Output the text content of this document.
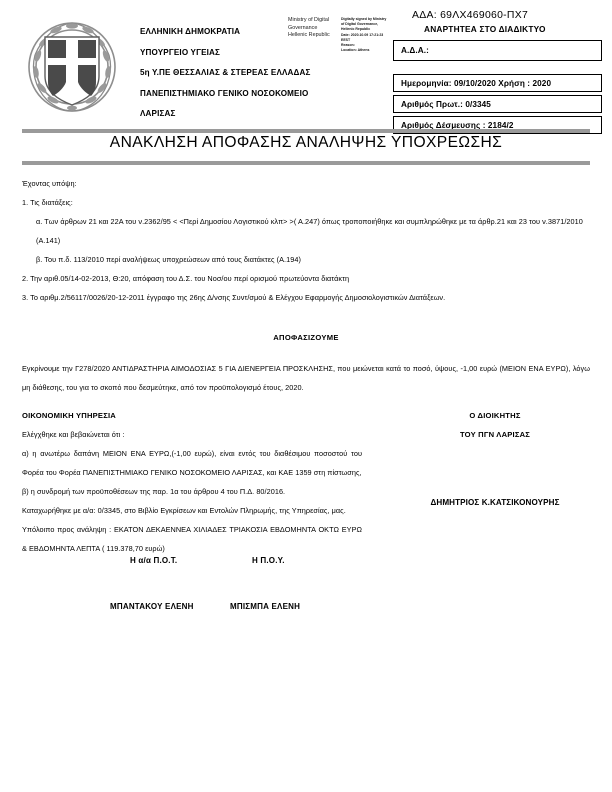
ΕΛΛΗΝΙΚΗ ΔΗΜΟΚΡΑΤΙΑ
ΥΠΟΥΡΓΕΙΟ ΥΓΕΙΑΣ
5η Υ.ΠΕ ΘΕΣΣΑΛΙΑΣ & ΣΤΕΡΕΑΣ ΕΛΛΑΔΑΣ
ΠΑΝΕΠΙΣΤΗΜΙΑΚΟ ΓΕΝΙΚΟ ΝΟΣΟΚΟΜΕΙΟ
ΛΑΡΙΣΑΣ
Ministry of Digital
Governance
Hellenic Republic
Digitally signed by Ministry
of Digital Governance,
Hellenic Republic
Date: 2020.10.09 17:21:23
EEST
Reason:
Location: Athens
ΑΔΑ: 69ΛΧ469060-ΠΧ7
ΑΝΑΡΤΗΤΕΑ ΣΤΟ ΔΙΑΔΙΚΤΥΟ
Α.Δ.Α.:
Ημερομηνία: 09/10/2020 Χρήση : 2020
Αριθμός Πρωτ.: 0/3345
Αριθμός Δέσμευσης : 2184/2
ΑΝΑΚΛΗΣΗ ΑΠΟΦΑΣΗΣ ΑΝΑΛΗΨΗΣ ΥΠΟΧΡΕΩΣΗΣ
Έχοντας υπόψη:
1. Τις διατάξεις:
α. Των άρθρων 21 και 22Α του ν.2362/95 < <Περί Δημοσίου Λογιστικού κλπ> >( Α.247) όπως τροποποιήθηκε και συμπληρώθηκε με τα άρθρ.21 και 23 του ν.3871/2010 (Α.141)
β. Του π.δ. 113/2010 περί αναλήψεως υποχρεώσεων από τους διατάκτες (Α.194)
2. Την αριθ.05/14-02-2013, Θ:20, απόφαση του Δ.Σ. του Νοσ/ου περί ορισμού πρωτεύοντα διατάκτη
3. Το αριθμ.2/56117/0026/20-12-2011 έγγραφο της 26ης Δ/νσης Συντ/σμού & Ελέγχου Εφαρμογής Δημοσιολογιστικών Διατάξεων.
ΑΠΟΦΑΣΙΖΟΥΜΕ
Εγκρίνουμε την Γ278/2020 ΑΝΤΙΔΡΑΣΤΗΡΙΑ ΑΙΜΟΔΟΣΙΑΣ 5 ΓΙΑ ΔΙΕΝΕΡΓΕΙΑ ΠΡΟΣΚΛΗΣΗΣ, που μειώνεται κατά το ποσό, ύψους, -1,00 ευρώ (ΜΕΙΟΝ ΕΝΑ ΕΥΡΩ), λόγω μη διάθεσης, του για το σκοπό που δεσμεύτηκε, από τον προϋπολογισμό έτους, 2020.
ΟΙΚΟΝΟΜΙΚΗ ΥΠΗΡΕΣΙΑ
Ελέγχθηκε και βεβαιώνεται ότι :
α) η ανωτέρω δαπάνη ΜΕΙΟΝ ΕΝΑ ΕΥΡΩ,(-1,00 ευρώ), είναι εντός του διαθέσιμου ποσοστού του Φορέα του Φορέα ΠΑΝΕΠΙΣΤΗΜΙΑΚΟ ΓΕΝΙΚΟ ΝΟΣΟΚΟΜΕΙΟ ΛΑΡΙΣΑΣ, και ΚΑΕ 1359 στη πίστωσης,
β) η συνδρομή των προϋποθέσεων της παρ. 1α του άρθρου 4 του Π.Δ. 80/2016.
Καταχωρήθηκε με α/α: 0/3345, στο Βιβλίο Εγκρίσεων και Εντολών Πληρωμής, της Υπηρεσίας, μας.
Υπόλοιπο προς ανάληψη : ΕΚΑΤΟΝ ΔΕΚΑΕΝΝΕΑ ΧΙΛΙΑΔΕΣ ΤΡΙΑΚΟΣΙΑ ΕΒΔΟΜΗΝΤΑ ΟΚΤΩ ΕΥΡΩ & ΕΒΔΟΜΗΝΤΑ ΛΕΠΤΑ ( 119.378,70 ευρώ)
Ο ΔΙΟΙΚΗΤΗΣ
ΤΟΥ ΠΓΝ ΛΑΡΙΣΑΣ
ΔΗΜΗΤΡΙΟΣ Κ.ΚΑΤΣΙΚΟΝΟΥΡΗΣ
Η α/α Π.Ο.Τ.	Η Π.Ο.Υ.
ΜΠΑΝΤΑΚΟΥ ΕΛΕΝΗ	ΜΠΙΣΜΠΑ ΕΛΕΝΗ
